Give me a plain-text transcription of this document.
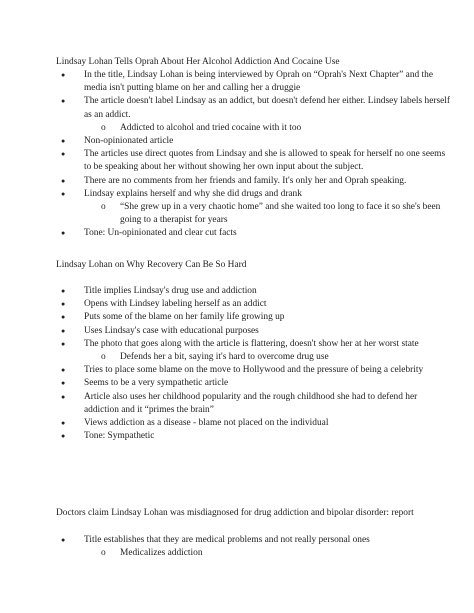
Lindsay Lohan Tells Oprah About Her Alcohol Addiction And Cocaine Use
● In the title, Lindsay Lohan is being interviewed by Oprah on “Oprah's Next Chapter” and the media isn't putting blame on her and calling her a druggie
● The article doesn't label Lindsay as an addict, but doesn't defend her either. Lindsey labels herself as an addict.
o Addicted to alcohol and tried cocaine with it too
● Non-opinionated article
● The articles use direct quotes from Lindsay and she is allowed to speak for herself no one seems to be speaking about her without showing her own input about the subject.
● There are no comments from her friends and family. It's only her and Oprah speaking.
● Lindsay explains herself and why she did drugs and drank
o “She grew up in a very chaotic home” and she waited too long to face it so she's been going to a therapist for years
● Tone: Un-opinionated and clear cut facts
Lindsay Lohan on Why Recovery Can Be So Hard
● Title implies Lindsay's drug use and addiction
● Opens with Lindsey labeling herself as an addict
● Puts some of the blame on her family life growing up
● Uses Lindsay's case with educational purposes
● The photo that goes along with the article is flattering, doesn't show her at her worst state
o Defends her a bit, saying it's hard to overcome drug use
● Tries to place some blame on the move to Hollywood and the pressure of being a celebrity
● Seems to be a very sympathetic article
● Article also uses her childhood popularity and the rough childhood she had to defend her addiction and it “primes the brain”
● Views addiction as a disease - blame not placed on the individual
● Tone: Sympathetic
Doctors claim Lindsay Lohan was misdiagnosed for drug addiction and bipolar disorder: report
● Title establishes that they are medical problems and not really personal ones
o Medicalizes addiction
